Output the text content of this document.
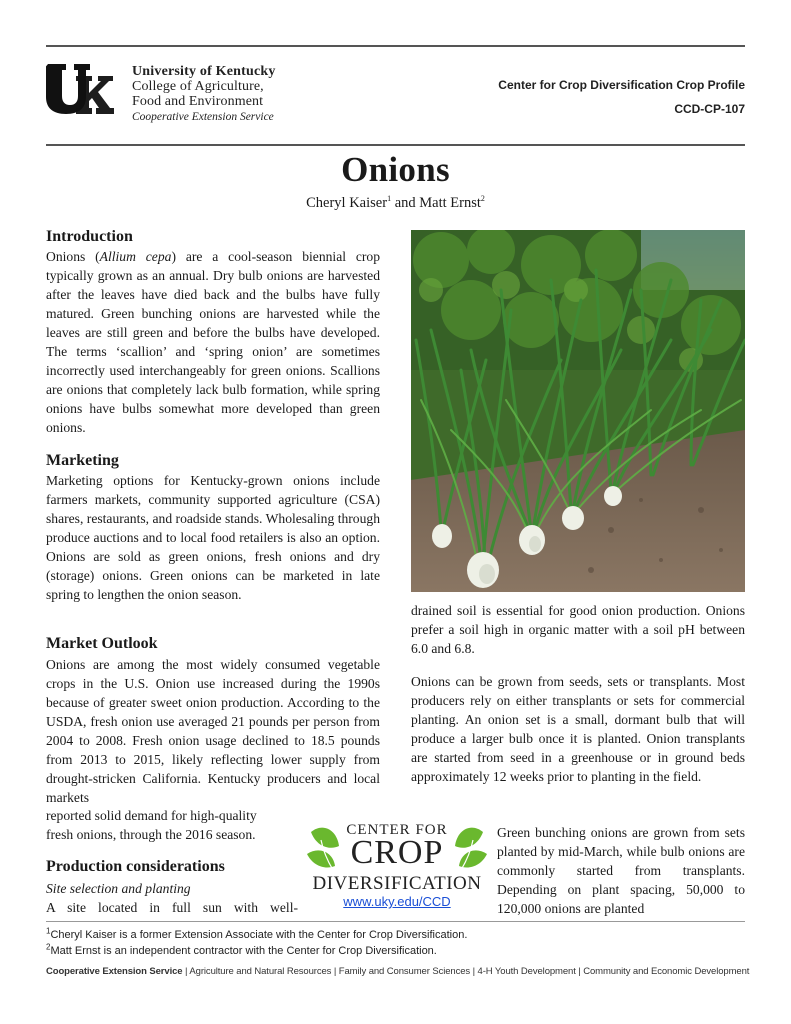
University of Kentucky
College of Agriculture,
Food and Environment
Cooperative Extension Service
Center for Crop Diversification Crop Profile
CCD-CP-107
Onions
Cheryl Kaiser$^1$ and Matt Ernst$^2$
Introduction

Onions (Allium cepa) are a cool-season biennial crop typically grown as an annual. Dry bulb onions are harvested after the leaves have died back and the bulbs have fully matured. Green bunching onions are harvested while the leaves are still green and before the bulbs have developed. The terms ‘scallion’ and ‘spring onion’ are sometimes incorrectly used interchangeably for green onions. Scallions are onions that completely lack bulb formation, while spring onions have bulbs somewhat more developed than green onions.

Marketing

Marketing options for Kentucky-grown onions include farmers markets, community supported agriculture (CSA) shares, restaurants, and roadside stands. Wholesaling through produce auctions and to local food retailers is also an option. Onions are sold as green onions, fresh onions and dry (storage) onions. Green onions can be marketed in late spring to lengthen the onion season.

Market Outlook

Onions are among the most widely consumed vegetable crops in the U.S. Onion use increased during the 1990s because of greater sweet onion production. According to the USDA, fresh onion use averaged 21 pounds per person from 2004 to 2008. Fresh onion usage declined to 18.5 pounds from 2013 to 2015, likely reflecting lower supply from drought-stricken California. Kentucky producers and local markets

reported solid demand for high-quality
fresh onions, through the 2016 season.
Production considerations
Site selection and planting
A site located in full sun with well-

drained soil is essential for good onion production. Onions prefer a soil high in organic matter with a soil pH between 6.0 and 6.8.

Onions can be grown from seeds, sets or transplants. Most producers rely on either transplants or sets for commercial planting. An onion set is a small, dormant bulb that will produce a larger bulb once it is planted. Onion transplants are started from seed in a greenhouse or in ground beds approximately 12 weeks prior to planting in the field.

Green bunching onions are grown from sets planted by mid-March, while bulb onions are commonly started from transplants. Depending on plant spacing, 50,000 to 120,000 onions are planted

CENTER FOR
CROP
DIVERSIFICATION
www.uky.edu/CCD
$^1$Cheryl Kaiser is a former Extension Associate with the Center for Crop Diversification.
$^2$Matt Ernst is an independent contractor with the Center for Crop Diversification.
Cooperative Extension Service | Agriculture and Natural Resources | Family and Consumer Sciences | 4-H Youth Development | Community and Economic Development
